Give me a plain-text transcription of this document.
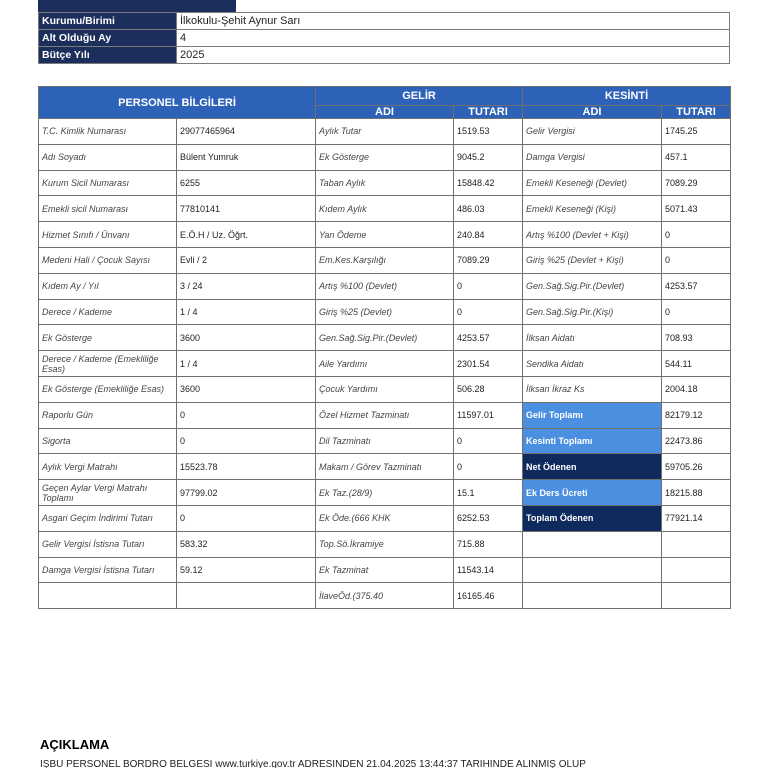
Kurumu/Birimi	İlkokulu-Şehit Aynur Sarı
Alt Olduğu Ay	4
Bütçe Yılı	2025
PERSONEL BİLGİLERİ		GELİR		KESİNTİ	
		ADI	TUTARI	ADI	TUTARI
T.C. Kimlik Numarası	29077465964	Aylık Tutar	1519.53	Gelir Vergisi	1745.25
Adı Soyadı	Bülent Yumruk	Ek Gösterge	9045.2	Damga Vergisi	457.1
Kurum Sicil Numarası	6255	Taban Aylık	15848.42	Emekli Keseneği (Devlet)	7089.29
Emekli sicil Numarası	77810141	Kıdem Aylık	486.03	Emekli Keseneği (Kişi)	5071.43
Hizmet Sınıfı / Ünvanı	E.Ö.H / Uz. Öğrt.	Yan Ödeme	240.84	Artış %100 (Devlet + Kişi)	0
Medeni Hali / Çocuk Sayısı	Evli / 2	Em.Kes.Karşılığı	7089.29	Giriş %25 (Devlet + Kişi)	0
Kıdem Ay / Yıl	3 / 24	Artış %100 (Devlet)	0	Gen.Sağ.Sig.Pir.(Devlet)	4253.57
Derece / Kademe	1 / 4	Giriş %25 (Devlet)	0	Gen.Sağ.Sig.Pir.(Kişi)	0
Ek Gösterge	3600	Gen.Sağ.Sig.Pir.(Devlet)	4253.57	İlksan Aidatı	708.93
Derece / Kademe (Emekliliğe Esas)	1 / 4	Aile Yardımı	2301.54	Sendika Aidatı	544.11
Ek Gösterge (Emekliliğe Esas)	3600	Çocuk Yardımı	506.28	İlksan İkraz Ks	2004.18
Raporlu Gün	0	Özel Hizmet Tazminatı	11597.01	Gelir Toplamı	82179.12
Sigorta	0	Dil Tazminatı	0	Kesinti Toplamı	22473.86
Aylık Vergi Matrahı	15523.78	Makam / Görev Tazminatı	0	Net Ödenen	59705.26
Geçen Aylar Vergi Matrahı Toplamı	97799.02	Ek Taz.(28/9)	15.1	Ek Ders Ücreti	18215.88
Asgari Geçim İndirimi Tutarı	0	Ek Öde.(666 KHK	6252.53	Toplam Ödenen	77921.14
Gelir Vergisi İstisna Tutarı	583.32	Top.Sö.İkramiye	715.88		
Damga Vergisi İstisna Tutarı	59.12	Ek Tazminat	11543.14		
		İlaveÖd.(375.40	16165.46		
AÇIKLAMA
İŞBU PERSONEL BORDRO BELGESİ www.turkiye.gov.tr ADRESİNDEN 21.04.2025 13:44:37 TARİHİNDE ALINMIŞ OLUP
